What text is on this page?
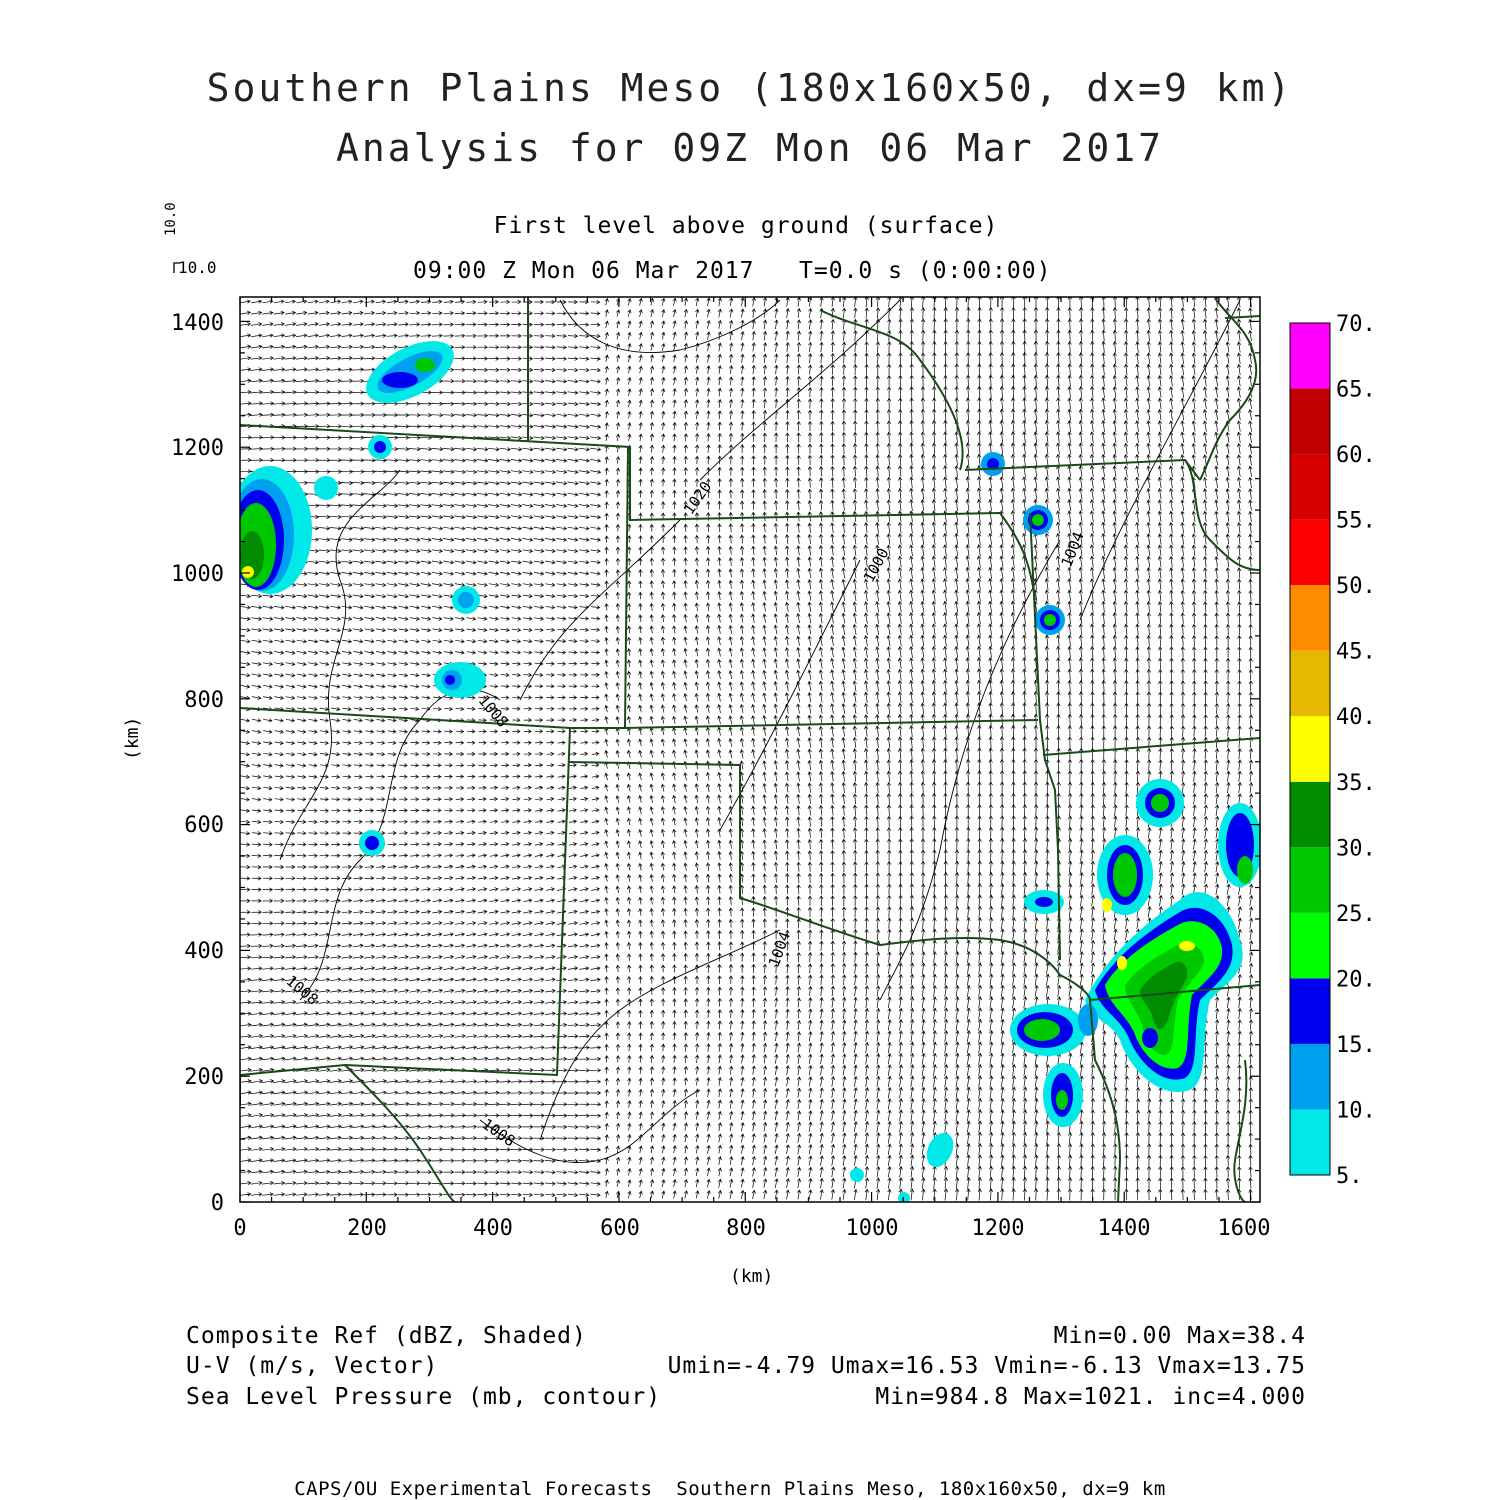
Southern Plains Meso (180x160x50, dx=9 km)
Analysis for 09Z Mon 06 Mar 2017
First level above ground (surface)
09:00 Z Mon 06 Mar 2017   T=0.0 s (0:00:00)
10.0
10.0
(km)
(km)
1020
1000	1004
1004
1008
1008
1008
0	200	400	600	800	1000	1200	1400	1600
0
200
400
600
800
1000
1200
1400
5.
10.
15.
20.
25.
30.
35.
40.
45.
50.
55.
60.
65.
70.
Composite Ref (dBZ, Shaded)	Min=0.00 Max=38.4
U-V (m/s, Vector)	Umin=-4.79 Umax=16.53 Vmin=-6.13 Vmax=13.75
Sea Level Pressure (mb, contour)	Min=984.8 Max=1021. inc=4.000
CAPS/OU Experimental Forecasts  Southern Plains Meso, 180x160x50, dx=9 km
